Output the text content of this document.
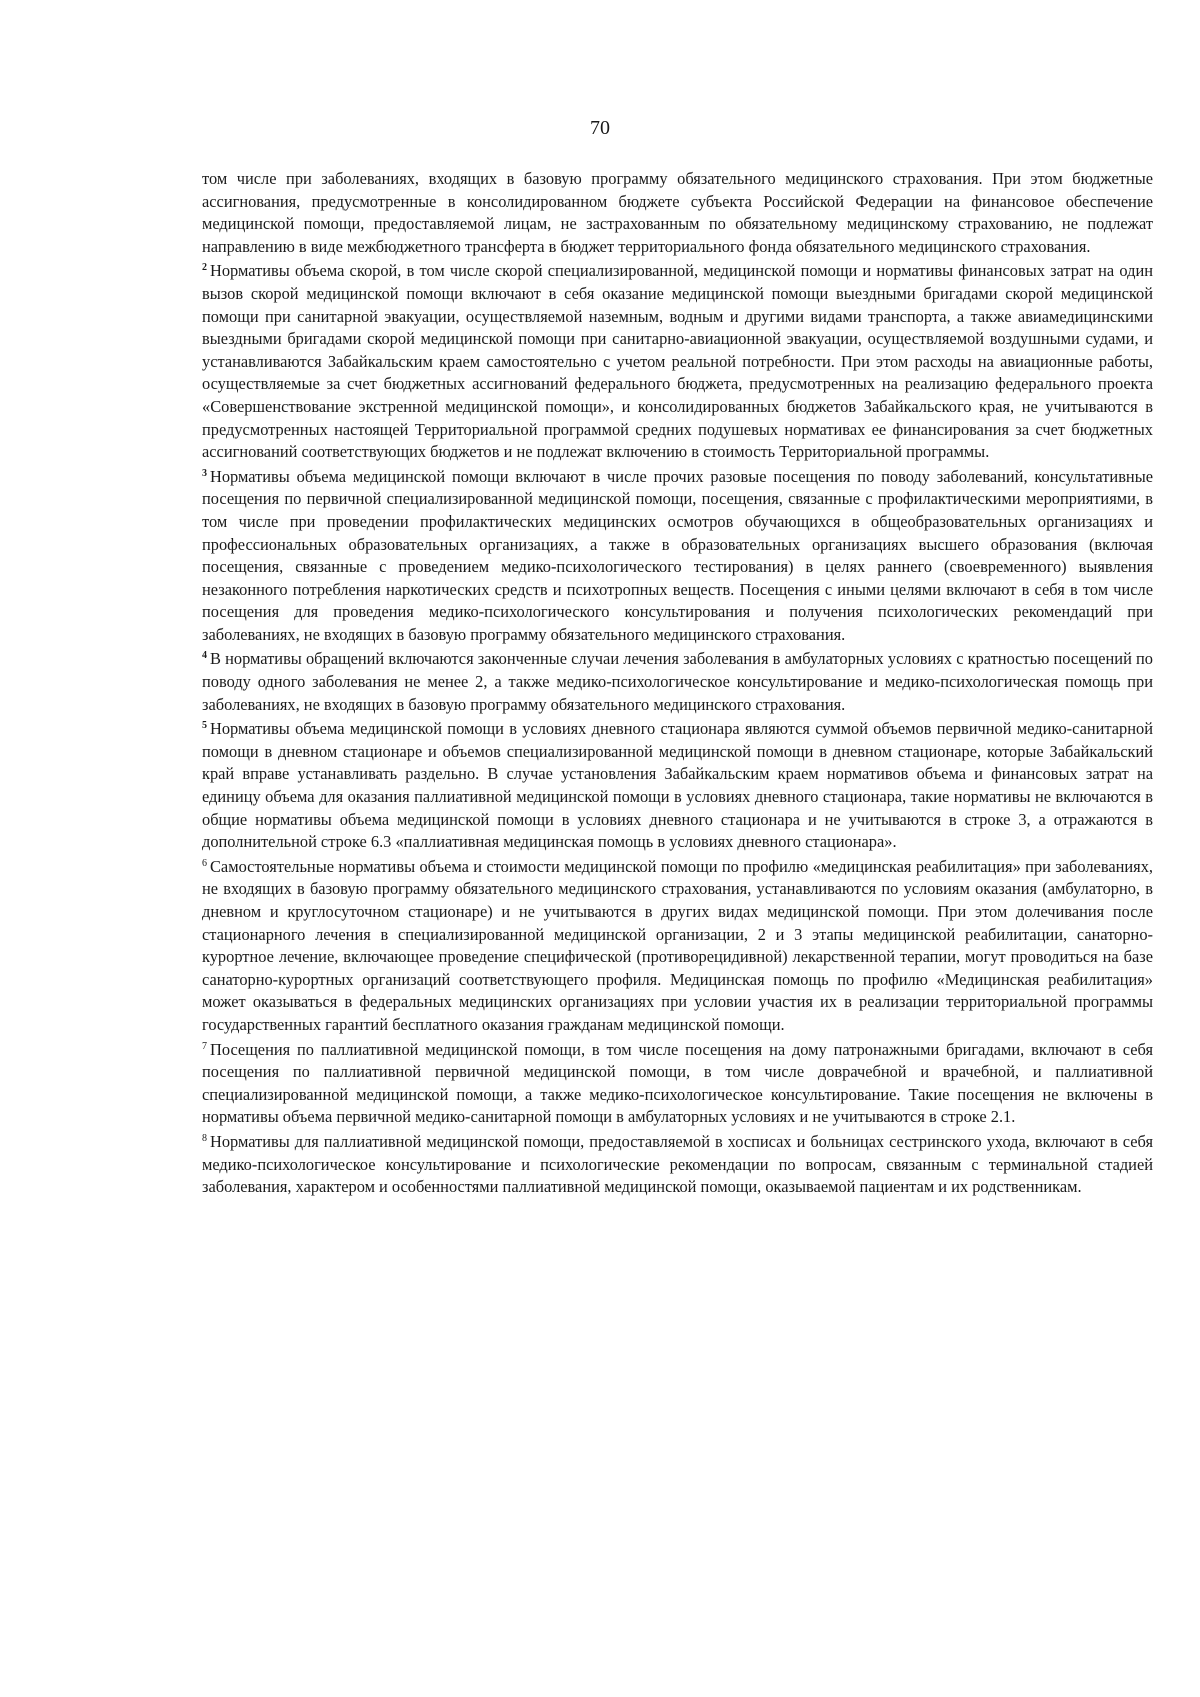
70

том числе при заболеваниях, входящих в базовую программу обязательного медицинского страхования. При этом бюджетные ассигнования, предусмотренные в консолидированном бюджете субъекта Российской Федерации на финансовое обеспечение медицинской помощи, предоставляемой лицам, не застрахованным по обязательному медицинскому страхованию, не подлежат направлению в виде межбюджетного трансферта в бюджет территориального фонда обязательного медицинского страхования.

$^2$ Нормативы объема скорой, в том числе скорой специализированной, медицинской помощи и нормативы финансовых затрат на один вызов скорой медицинской помощи включают в себя оказание медицинской помощи выездными бригадами скорой медицинской помощи при санитарной эвакуации, осуществляемой наземным, водным и другими видами транспорта, а также авиамедицинскими выездными бригадами скорой медицинской помощи при санитарно-авиационной эвакуации, осуществляемой воздушными судами, и устанавливаются Забайкальским краем самостоятельно с учетом реальной потребности. При этом расходы на авиационные работы, осуществляемые за счет бюджетных ассигнований федерального бюджета, предусмотренных на реализацию федерального проекта «Совершенствование экстренной медицинской помощи», и консолидированных бюджетов Забайкальского края, не учитываются в предусмотренных настоящей Территориальной программой средних подушевых нормативах ее финансирования за счет бюджетных ассигнований соответствующих бюджетов и не подлежат включению в стоимость Территориальной программы.

$^3$ Нормативы объема медицинской помощи включают в числе прочих разовые посещения по поводу заболеваний, консультативные посещения по первичной специализированной медицинской помощи, посещения, связанные с профилактическими мероприятиями, в том числе при проведении профилактических медицинских осмотров обучающихся в общеобразовательных организациях и профессиональных образовательных организациях, а также в образовательных организациях высшего образования (включая посещения, связанные с проведением медико-психологического тестирования) в целях раннего (своевременного) выявления незаконного потребления наркотических средств и психотропных веществ. Посещения с иными целями включают в себя в том числе посещения для проведения медико-психологического консультирования и получения психологических рекомендаций при заболеваниях, не входящих в базовую программу обязательного медицинского страхования.

$^4$ В нормативы обращений включаются законченные случаи лечения заболевания в амбулаторных условиях с кратностью посещений по поводу одного заболевания не менее 2, а также медико-психологическое консультирование и медико-психологическая помощь при заболеваниях, не входящих в базовую программу обязательного медицинского страхования.

$^5$ Нормативы объема медицинской помощи в условиях дневного стационара являются суммой объемов первичной медико-санитарной помощи в дневном стационаре и объемов специализированной медицинской помощи в дневном стационаре, которые Забайкальский край вправе устанавливать раздельно. В случае установления Забайкальским краем нормативов объема и финансовых затрат на единицу объема для оказания паллиативной медицинской помощи в условиях дневного стационара, такие нормативы не включаются в общие нормативы объема медицинской помощи в условиях дневного стационара и не учитываются в строке 3, а отражаются в дополнительной строке 6.3 «паллиативная медицинская помощь в условиях дневного стационара».

$^6$ Самостоятельные нормативы объема и стоимости медицинской помощи по профилю «медицинская реабилитация» при заболеваниях, не входящих в базовую программу обязательного медицинского страхования, устанавливаются по условиям оказания (амбулаторно, в дневном и круглосуточном стационаре) и не учитываются в других видах медицинской помощи. При этом долечивания после стационарного лечения в специализированной медицинской организации, 2 и 3 этапы медицинской реабилитации, санаторно-курортное лечение, включающее проведение специфической (противорецидивной) лекарственной терапии, могут проводиться на базе санаторно-курортных организаций соответствующего профиля. Медицинская помощь по профилю «Медицинская реабилитация» может оказываться в федеральных медицинских организациях при условии участия их в реализации территориальной программы государственных гарантий бесплатного оказания гражданам медицинской помощи.

$^7$ Посещения по паллиативной медицинской помощи, в том числе посещения на дому патронажными бригадами, включают в себя посещения по паллиативной первичной медицинской помощи, в том числе доврачебной и врачебной, и паллиативной специализированной медицинской помощи, а также медико-психологическое консультирование. Такие посещения не включены в нормативы объема первичной медико-санитарной помощи в амбулаторных условиях и не учитываются в строке 2.1.

$^8$ Нормативы для паллиативной медицинской помощи, предоставляемой в хосписах и больницах сестринского ухода, включают в себя медико-психологическое консультирование и психологические рекомендации по вопросам, связанным с терминальной стадией заболевания, характером и особенностями паллиативной медицинской помощи, оказываемой пациентам и их родственникам.
